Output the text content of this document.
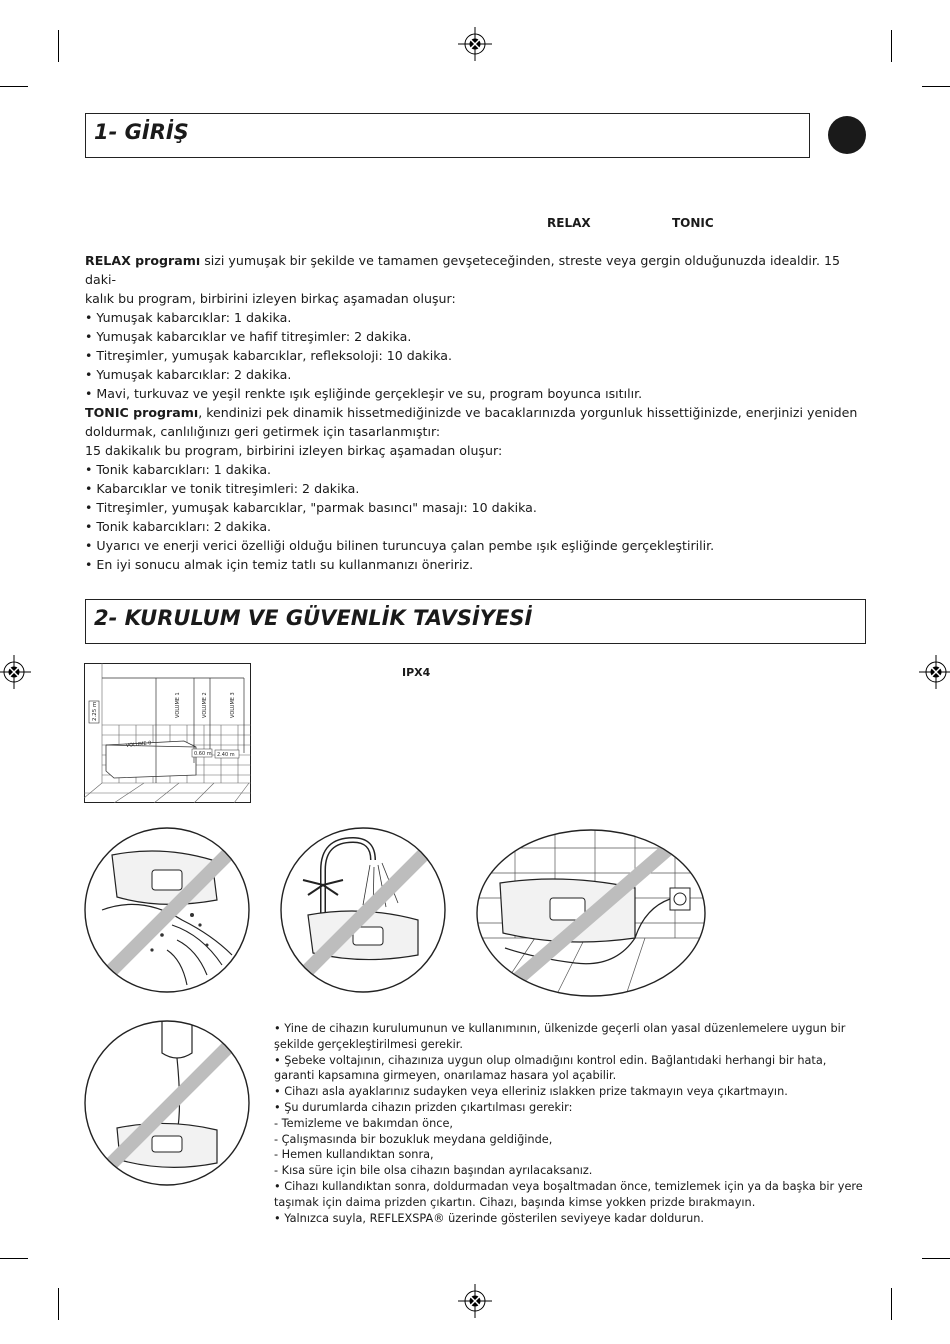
1- GİRİŞ
RELAX	TONIC

RELAX programı sizi yumuşak bir şekilde ve tamamen gevşeteceğinden, streste veya gergin olduğunuzda idealdir. 15 daki-

kalık bu program, birbirini izleyen birkaç aşamadan oluşur:

• Yumuşak kabarcıklar: 1 dakika.

• Yumuşak kabarcıklar ve hafif titreşimler: 2 dakika.

• Titreşimler, yumuşak kabarcıklar, refleksoloji: 10 dakika.

• Yumuşak kabarcıklar: 2 dakika.

• Mavi, turkuvaz ve yeşil renkte ışık eşliğinde gerçekleşir ve su, program boyunca ısıtılır.

TONIC programı, kendinizi pek dinamik hissetmediğinizde ve bacaklarınızda yorgunluk hissettiğinizde, enerjinizi yeniden

doldurmak, canlılığınızı geri getirmek için tasarlanmıştır:

15 dakikalık bu program, birbirini izleyen birkaç aşamadan oluşur:

• Tonik kabarcıkları: 1 dakika.

• Kabarcıklar ve tonik titreşimleri: 2 dakika.

• Titreşimler, yumuşak kabarcıklar, "parmak basıncı" masajı: 10 dakika.

• Tonik kabarcıkları: 2 dakika.

• Uyarıcı ve enerji verici özelliği olduğu bilinen turuncuya çalan pembe ışık eşliğinde gerçekleştirilir.

• En iyi sonucu almak için temiz tatlı su kullanmanızı öneririz.

2- KURULUM VE GÜVENLİK TAVSİYESİ
IPX4
2.25 m	VOLUME 1	VOLUME 2	VOLUME 3
VOLUME 0
0.60 m 2.40 m

• Yine de cihazın kurulumunun ve kullanımının, ülkenizde geçerli olan yasal düzenlemelere uygun bir

şekilde gerçekleştirilmesi gerekir.

• Şebeke voltajının, cihazınıza uygun olup olmadığını kontrol edin. Bağlantıdaki herhangi bir hata,

garanti kapsamına girmeyen, onarılamaz hasara yol açabilir.

• Cihazı asla ayaklarınız sudayken veya elleriniz ıslakken prize takmayın veya çıkartmayın.

• Şu durumlarda cihazın prizden çıkartılması gerekir:

- Temizleme ve bakımdan önce,

- Çalışmasında bir bozukluk meydana geldiğinde,

- Hemen kullandıktan sonra,

- Kısa süre için bile olsa cihazın başından ayrılacaksanız.

• Cihazı kullandıktan sonra, doldurmadan veya boşaltmadan önce, temizlemek için ya da başka bir yere

taşımak için daima prizden çıkartın. Cihazı, başında kimse yokken prizde bırakmayın.

• Yalnızca suyla, REFLEXSPA® üzerinde gösterilen seviyeye kadar doldurun.
